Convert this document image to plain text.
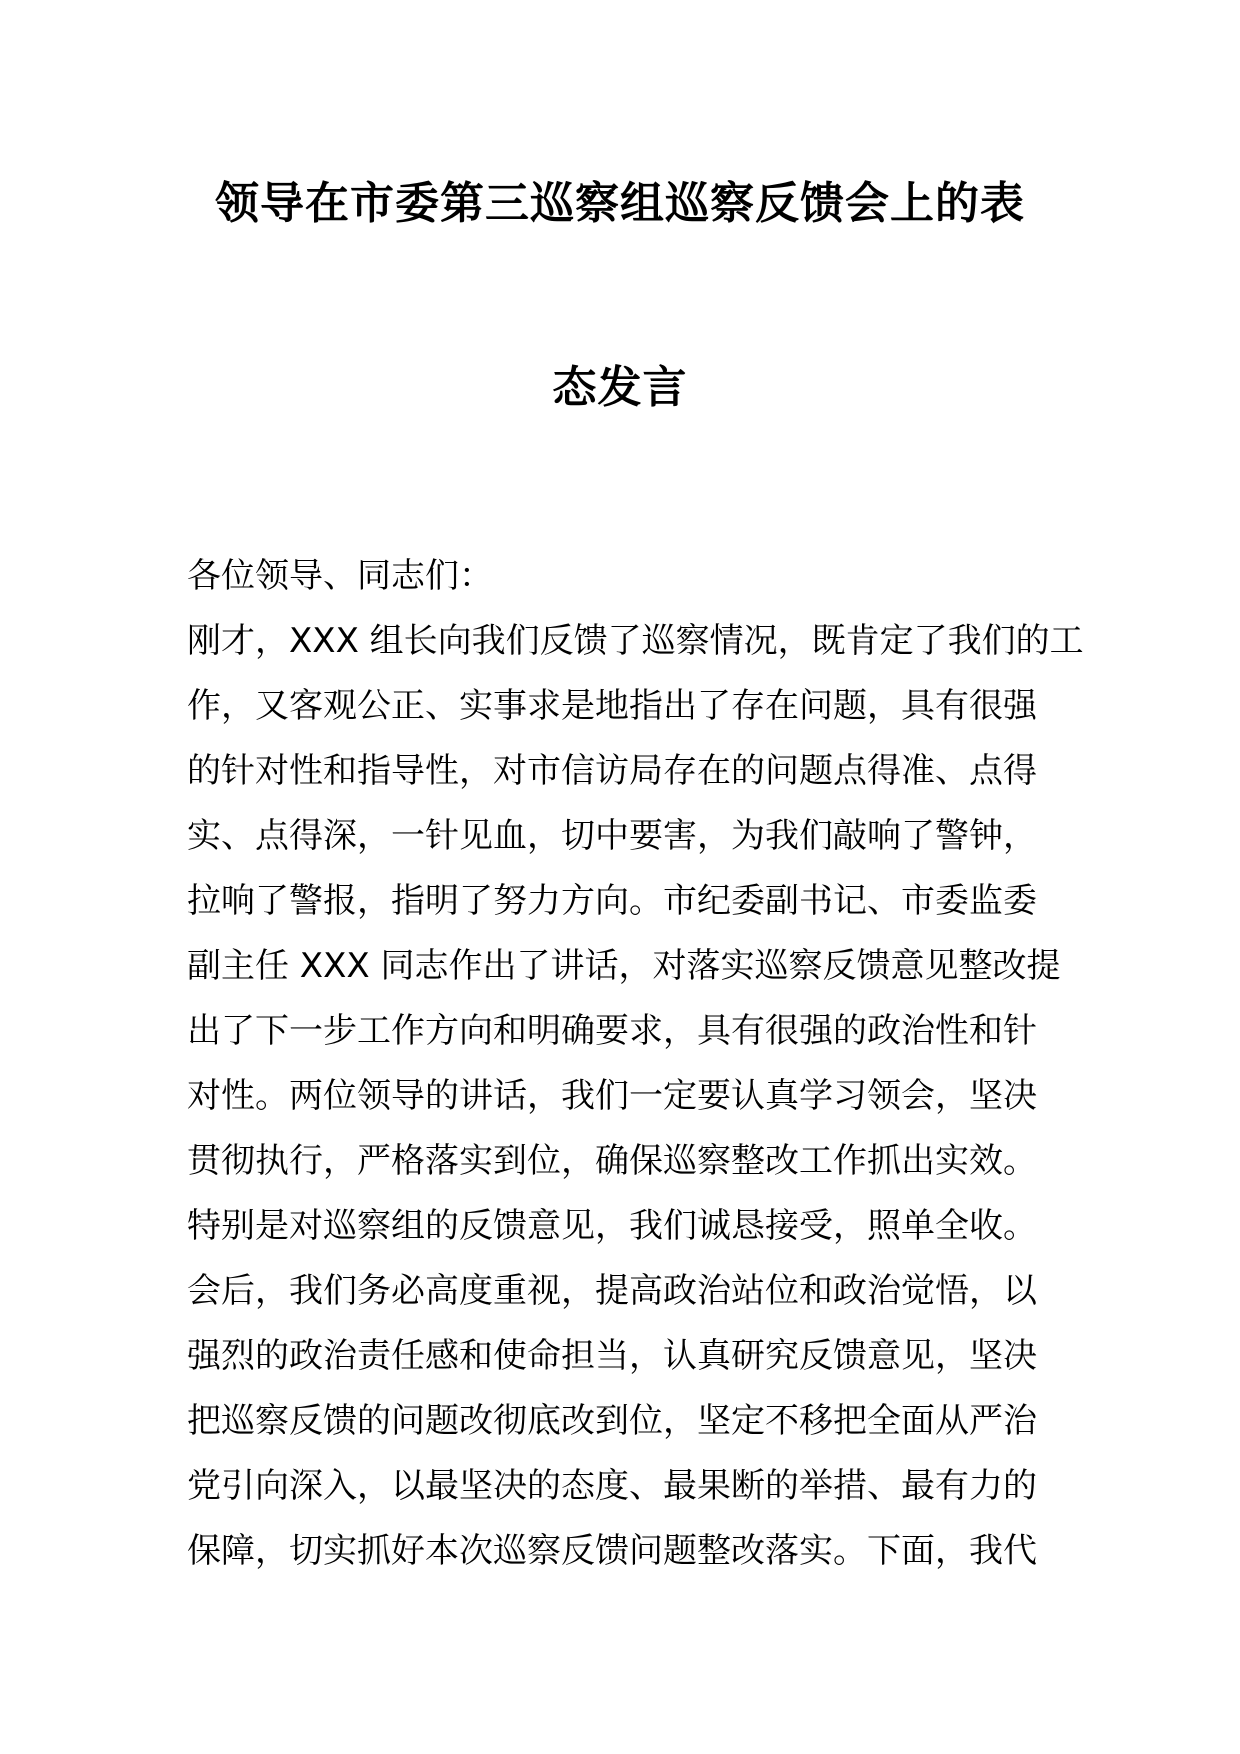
领导在市委第三巡察组巡察反馈会上的表
态发言
各位领导、同志们：
刚才，XXX 组长向我们反馈了巡察情况，既肯定了我们的工
作，又客观公正、实事求是地指出了存在问题，具有很强
的针对性和指导性，对市信访局存在的问题点得准、点得
实、点得深，一针见血，切中要害，为我们敲响了警钟，
拉响了警报，指明了努力方向。市纪委副书记、市委监委
副主任 XXX 同志作出了讲话，对落实巡察反馈意见整改提
出了下一步工作方向和明确要求，具有很强的政治性和针
对性。两位领导的讲话，我们一定要认真学习领会，坚决
贯彻执行，严格落实到位，确保巡察整改工作抓出实效。
特别是对巡察组的反馈意见，我们诚恳接受，照单全收。
会后，我们务必高度重视，提高政治站位和政治觉悟，以
强烈的政治责任感和使命担当，认真研究反馈意见，坚决
把巡察反馈的问题改彻底改到位，坚定不移把全面从严治
党引向深入，以最坚决的态度、最果断的举措、最有力的
保障，切实抓好本次巡察反馈问题整改落实。下面，我代
